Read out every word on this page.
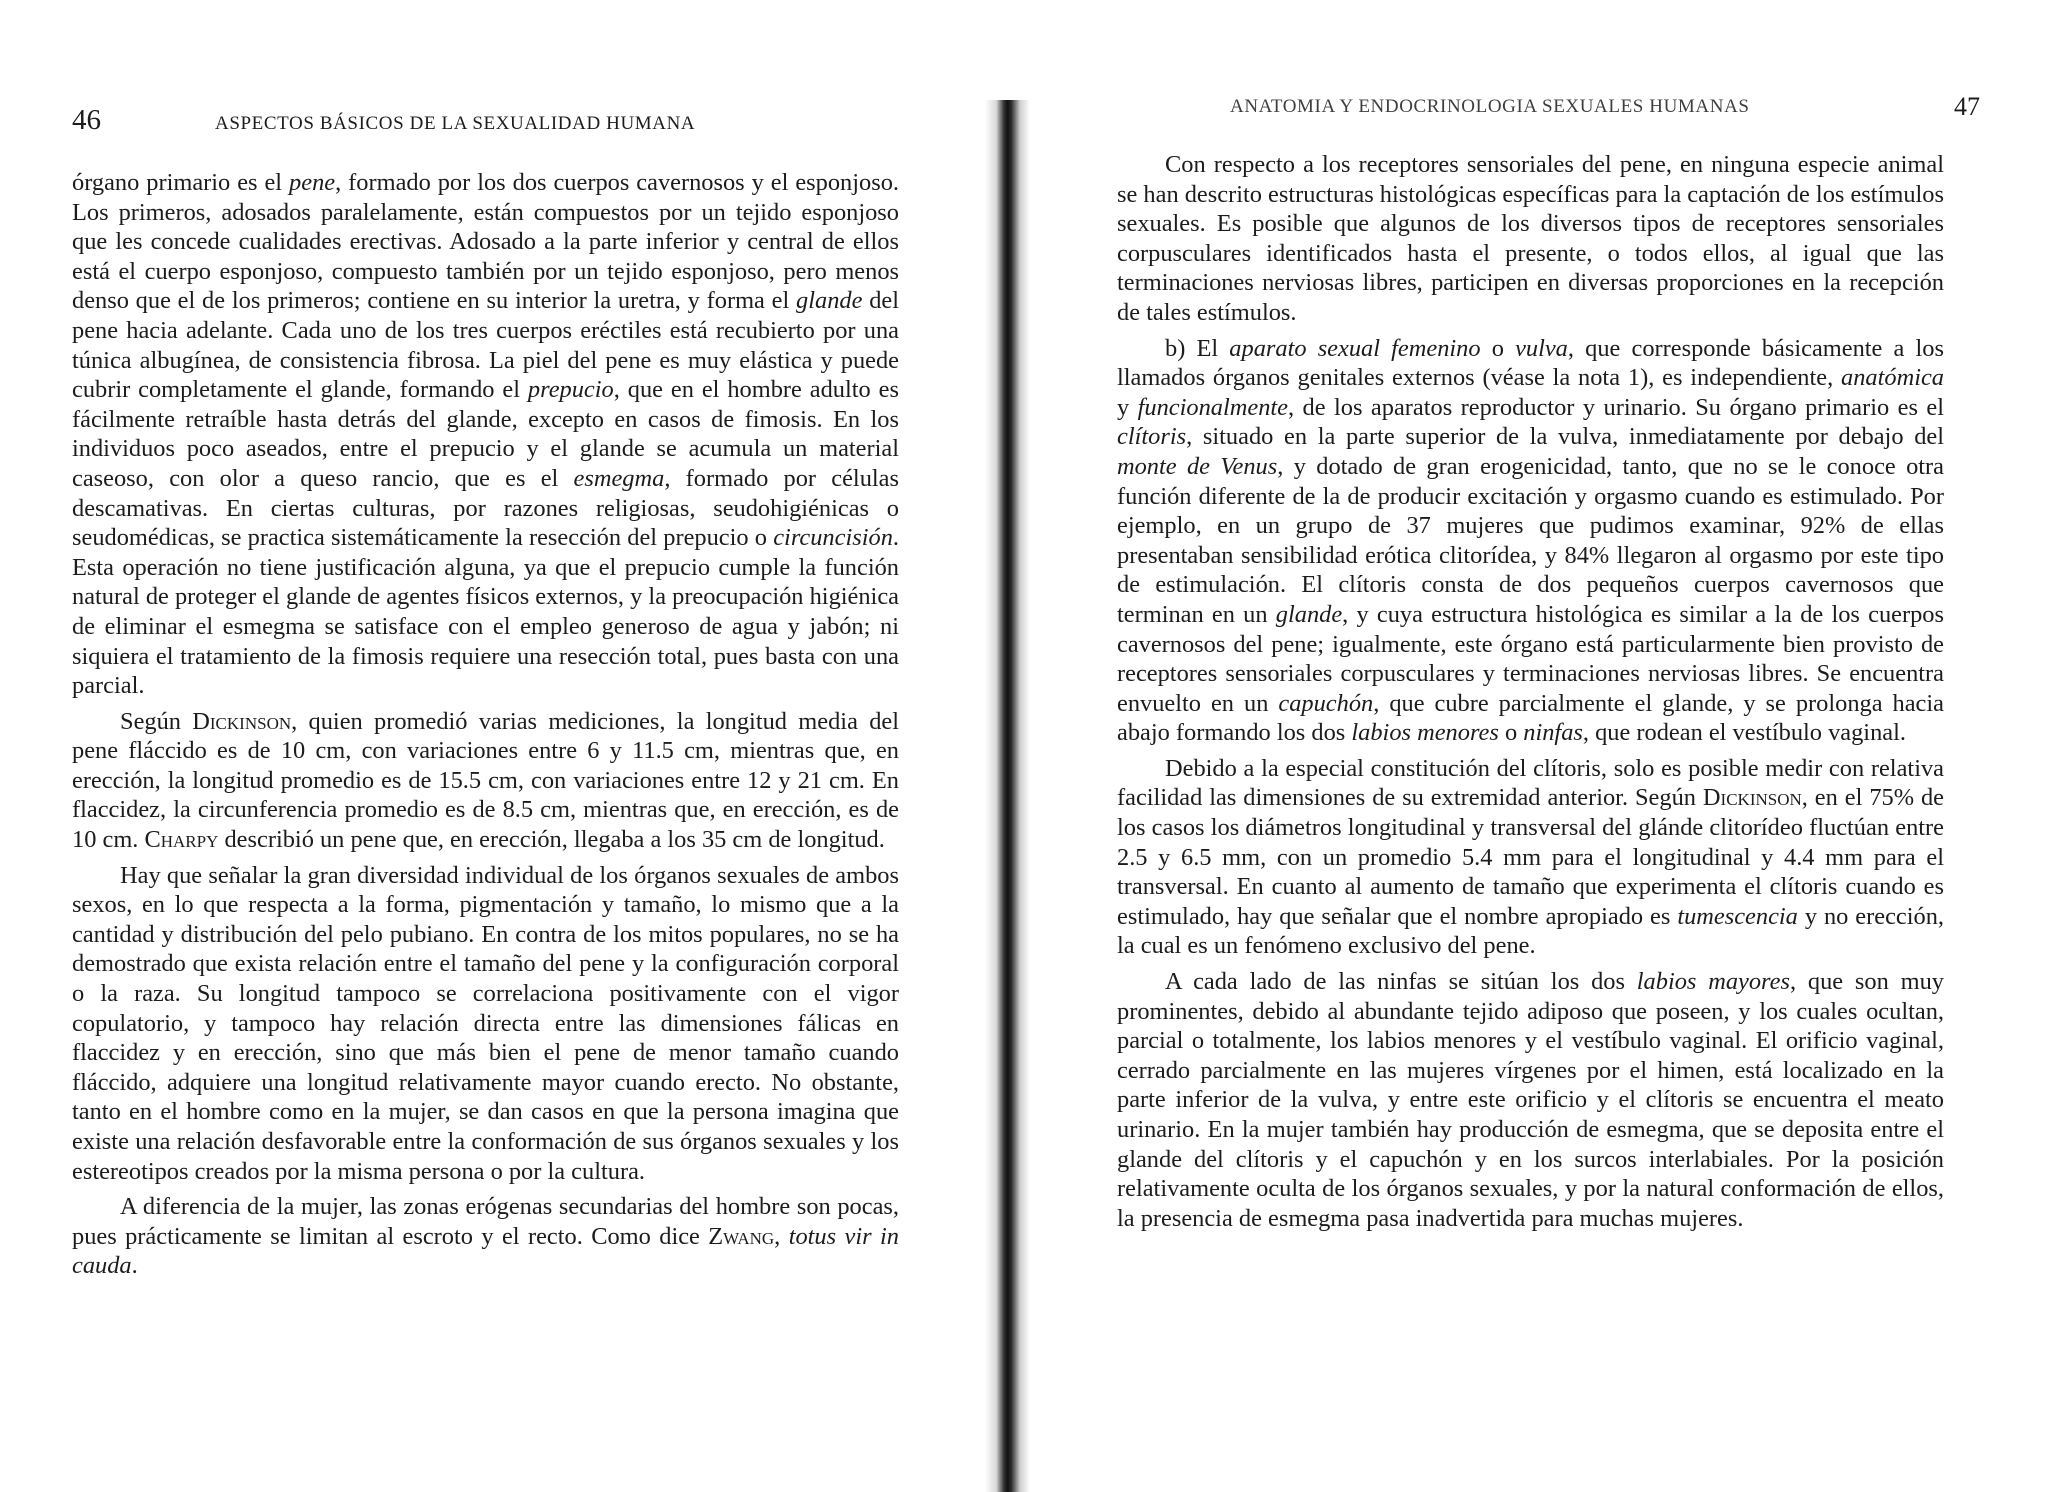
46	ASPECTOS BÁSICOS DE LA SEXUALIDAD HUMANA

órgano primario es el pene, formado por los dos cuerpos cavernosos y el esponjoso. Los primeros, adosados paralelamente, están compuestos por un tejido esponjoso que les concede cualidades erectivas. Adosado a la parte inferior y central de ellos está el cuerpo esponjoso, compuesto también por un tejido esponjoso, pero menos denso que el de los primeros; contiene en su interior la uretra, y forma el glande del pene hacia adelante. Cada uno de los tres cuerpos eréctiles está recubierto por una túnica albugínea, de consistencia fibrosa. La piel del pene es muy elástica y puede cubrir completamente el glande, formando el prepucio, que en el hombre adulto es fácilmente retraíble hasta detrás del glande, excepto en casos de fimosis. En los individuos poco aseados, entre el prepucio y el glande se acumula un material caseoso, con olor a queso rancio, que es el esmegma, formado por células descamativas. En ciertas culturas, por razones religiosas, seudohigiénicas o seudomédicas, se practica sistemáticamente la resección del prepucio o circuncisión. Esta operación no tiene justificación alguna, ya que el prepucio cumple la función natural de proteger el glande de agentes físicos externos, y la preocupación higiénica de eliminar el esmegma se satisface con el empleo generoso de agua y jabón; ni siquiera el tratamiento de la fimosis requiere una resección total, pues basta con una parcial.

Según Dickinson, quien promedió varias mediciones, la longitud media del pene fláccido es de 10 cm, con variaciones entre 6 y 11.5 cm, mientras que, en erección, la longitud promedio es de 15.5 cm, con variaciones entre 12 y 21 cm. En flaccidez, la circunferencia promedio es de 8.5 cm, mientras que, en erección, es de 10 cm. Charpy describió un pene que, en erección, llegaba a los 35 cm de longitud.

Hay que señalar la gran diversidad individual de los órganos sexuales de ambos sexos, en lo que respecta a la forma, pigmentación y tamaño, lo mismo que a la cantidad y distribución del pelo pubiano. En contra de los mitos populares, no se ha demostrado que exista relación entre el tamaño del pene y la configuración corporal o la raza. Su longitud tampoco se correlaciona positivamente con el vigor copulatorio, y tampoco hay relación directa entre las dimensiones fálicas en flaccidez y en erección, sino que más bien el pene de menor tamaño cuando fláccido, adquiere una longitud relativamente mayor cuando erecto. No obstante, tanto en el hombre como en la mujer, se dan casos en que la persona imagina que existe una relación desfavorable entre la conformación de sus órganos sexuales y los estereotipos creados por la misma persona o por la cultura.

A diferencia de la mujer, las zonas erógenas secundarias del hombre son pocas, pues prácticamente se limitan al escroto y el recto. Como dice Zwang, totus vir in cauda.

ANATOMIA Y ENDOCRINOLOGIA SEXUALES HUMANAS	47

Con respecto a los receptores sensoriales del pene, en ninguna especie animal se han descrito estructuras histológicas específicas para la captación de los estímulos sexuales. Es posible que algunos de los diversos tipos de receptores sensoriales corpusculares identificados hasta el presente, o todos ellos, al igual que las terminaciones nerviosas libres, participen en diversas proporciones en la recepción de tales estímulos.

b) El aparato sexual femenino o vulva, que corresponde básicamente a los llamados órganos genitales externos (véase la nota 1), es independiente, anatómica y funcionalmente, de los aparatos reproductor y urinario. Su órgano primario es el clítoris, situado en la parte superior de la vulva, inmediatamente por debajo del monte de Venus, y dotado de gran erogenicidad, tanto, que no se le conoce otra función diferente de la de producir excitación y orgasmo cuando es estimulado. Por ejemplo, en un grupo de 37 mujeres que pudimos examinar, 92% de ellas presentaban sensibilidad erótica clitorídea, y 84% llegaron al orgasmo por este tipo de estimulación. El clítoris consta de dos pequeños cuerpos cavernosos que terminan en un glande, y cuya estructura histológica es similar a la de los cuerpos cavernosos del pene; igualmente, este órgano está particularmente bien provisto de receptores sensoriales corpusculares y terminaciones nerviosas libres. Se encuentra envuelto en un capuchón, que cubre parcialmente el glande, y se prolonga hacia abajo formando los dos labios menores o ninfas, que rodean el vestíbulo vaginal.

Debido a la especial constitución del clítoris, solo es posible medir con relativa facilidad las dimensiones de su extremidad anterior. Según Dickinson, en el 75% de los casos los diámetros longitudinal y transversal del glánde clitorídeo fluctúan entre 2.5 y 6.5 mm, con un promedio 5.4 mm para el longitudinal y 4.4 mm para el transversal. En cuanto al aumento de tamaño que experimenta el clítoris cuando es estimulado, hay que señalar que el nombre apropiado es tumescencia y no erección, la cual es un fenómeno exclusivo del pene.

A cada lado de las ninfas se sitúan los dos labios mayores, que son muy prominentes, debido al abundante tejido adiposo que poseen, y los cuales ocultan, parcial o totalmente, los labios menores y el vestíbulo vaginal. El orificio vaginal, cerrado parcialmente en las mujeres vírgenes por el himen, está localizado en la parte inferior de la vulva, y entre este orificio y el clítoris se encuentra el meato urinario. En la mujer también hay producción de esmegma, que se deposita entre el glande del clítoris y el capuchón y en los surcos interlabiales. Por la posición relativamente oculta de los órganos sexuales, y por la natural conformación de ellos, la presencia de esmegma pasa inadvertida para muchas mujeres.
